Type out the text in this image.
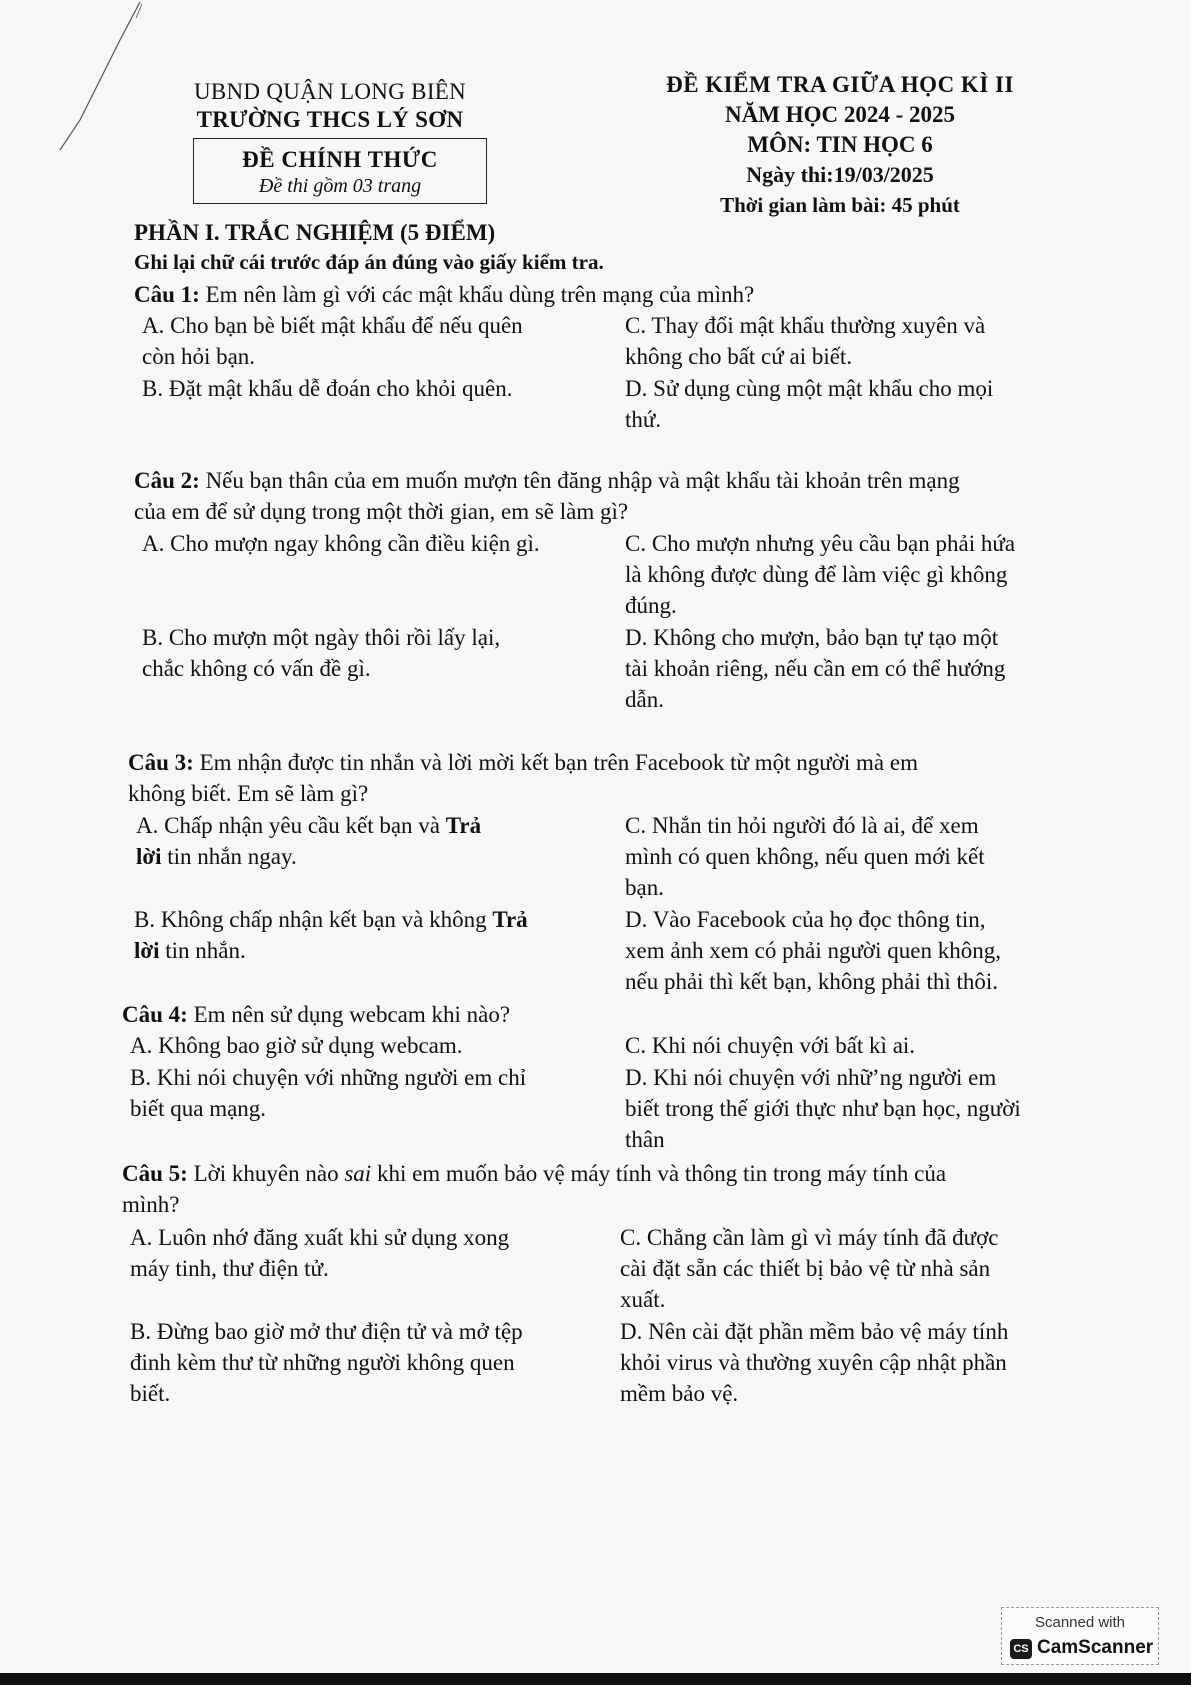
UBND QUẬN LONG BIÊN
TRƯỜNG THCS LÝ SƠN
ĐỀ CHÍNH THỨC
Đề thi gồm 03 trang
ĐỀ KIỂM TRA GIỮA HỌC KÌ II
NĂM HỌC 2024 - 2025
MÔN: TIN HỌC 6
Ngày thi:19/03/2025
Thời gian làm bài: 45 phút
PHẦN I. TRẮC NGHIỆM (5 ĐIỂM)
Ghi lại chữ cái trước đáp án đúng vào giấy kiểm tra.
Câu 1: Em nên làm gì với các mật khẩu dùng trên mạng của mình?
A. Cho bạn bè biết mật khẩu để nếu quên
còn hỏi bạn.
B. Đặt mật khẩu dễ đoán cho khỏi quên.
C. Thay đổi mật khẩu thường xuyên và
không cho bất cứ ai biết.
D. Sử dụng cùng một mật khẩu cho mọi
thứ.
Câu 2: Nếu bạn thân của em muốn mượn tên đăng nhập và mật khẩu tài khoản trên mạng
của em để sử dụng trong một thời gian, em sẽ làm gì?
A. Cho mượn ngay không cần điều kiện gì.
B. Cho mượn một ngày thôi rồi lấy lại,
chắc không có vấn đề gì.
C. Cho mượn nhưng yêu cầu bạn phải hứa
là không được dùng để làm việc gì không
đúng.
D. Không cho mượn, bảo bạn tự tạo một
tài khoản riêng, nếu cần em có thể hướng
dẫn.
Câu 3: Em nhận được tin nhắn và lời mời kết bạn trên Facebook từ một người mà em
không biết. Em sẽ làm gì?
A. Chấp nhận yêu cầu kết bạn và Trả
lời tin nhắn ngay.
B. Không chấp nhận kết bạn và không Trả
lời tin nhắn.
C. Nhắn tin hỏi người đó là ai, để xem
mình có quen không, nếu quen mới kết
bạn.
D. Vào Facebook của họ đọc thông tin,
xem ảnh xem có phải người quen không,
nếu phải thì kết bạn, không phải thì thôi.
Câu 4: Em nên sử dụng webcam khi nào?
A. Không bao giờ sử dụng webcam.
B. Khi nói chuyện với những người em chỉ
biết qua mạng.
C. Khi nói chuyện với bất kì ai.
D. Khi nói chuyện với nhữ’ng người em
biết trong thế giới thực như bạn học, người
thân
Câu 5: Lời khuyên nào sai khi em muốn bảo vệ máy tính và thông tin trong máy tính của
mình?
A. Luôn nhớ đăng xuất khi sử dụng xong
máy tinh, thư điện tử.
B. Đừng bao giờ mở thư điện tử và mở tệp
đinh kèm thư từ những người không quen
biết.
C. Chẳng cần làm gì vì máy tính đã được
cài đặt sẵn các thiết bị bảo vệ từ nhà sản
xuất.
D. Nên cài đặt phần mềm bảo vệ máy tính
khỏi virus và thường xuyên cập nhật phần
mềm bảo vệ.
Scanned with
CS CamScanner
